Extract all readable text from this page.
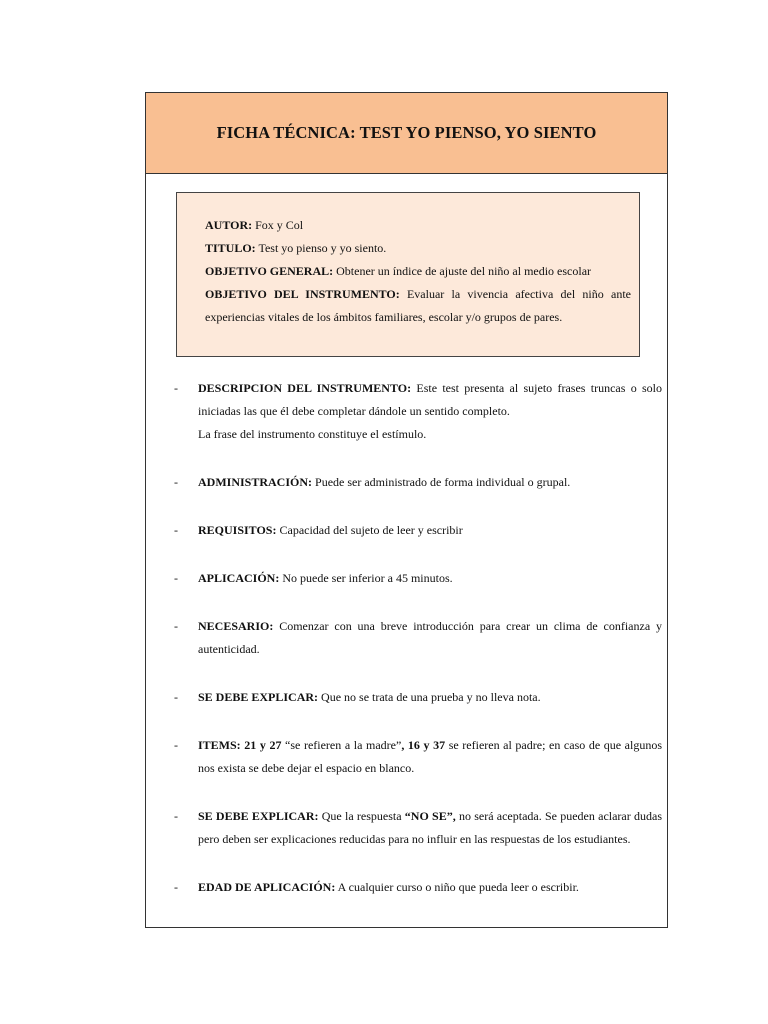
FICHA TÉCNICA: TEST YO PIENSO, YO SIENTO

AUTOR: Fox y Col

TITULO: Test yo pienso y yo siento.

OBJETIVO GENERAL: Obtener un índice de ajuste del niño al medio escolar

OBJETIVO DEL INSTRUMENTO: Evaluar la vivencia afectiva del niño ante experiencias vitales de los ámbitos familiares, escolar y/o grupos de pares.

- DESCRIPCION DEL INSTRUMENTO: Este test presenta al sujeto frases truncas o solo iniciadas las que él debe completar dándole un sentido completo.

La frase del instrumento constituye el estímulo.

- ADMINISTRACIÓN: Puede ser administrado de forma individual o grupal.

- REQUISITOS: Capacidad del sujeto de leer y escribir

- APLICACIÓN: No puede ser inferior a 45 minutos.

- NECESARIO: Comenzar con una breve introducción para crear un clima de confianza y autenticidad.

- SE DEBE EXPLICAR: Que no se trata de una prueba y no lleva nota.

- ITEMS: 21 y 27 “se refieren a la madre”, 16 y 37 se refieren al padre; en caso de que algunos nos exista se debe dejar el espacio en blanco.

- SE DEBE EXPLICAR: Que la respuesta “NO SE”, no será aceptada. Se pueden aclarar dudas pero deben ser explicaciones reducidas para no influir en las respuestas de los estudiantes.

- EDAD DE APLICACIÓN: A cualquier curso o niño que pueda leer o escribir.
